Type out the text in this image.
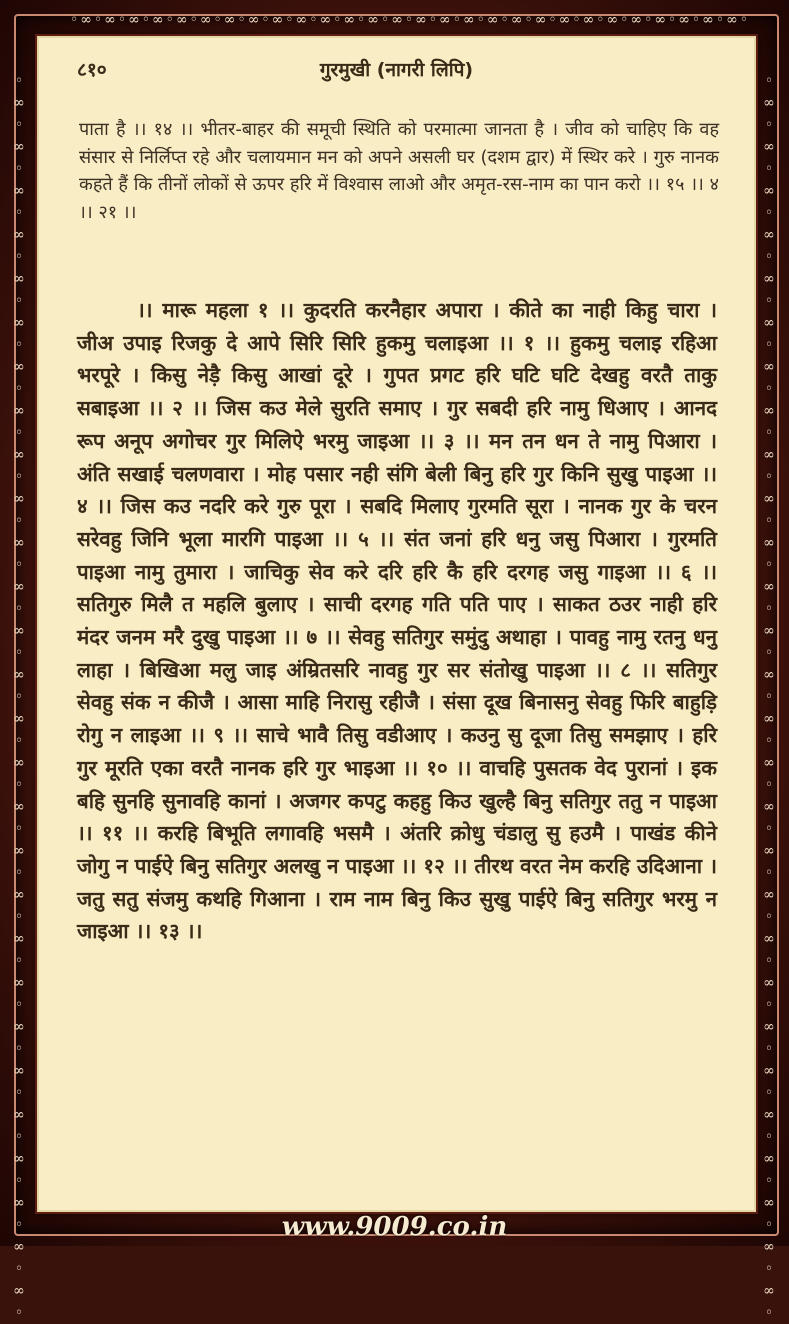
◦∞◦∞◦∞◦∞◦∞◦∞◦∞◦∞◦∞◦∞◦∞◦∞◦∞◦∞◦∞◦∞◦∞◦∞◦∞◦∞◦∞◦∞◦∞◦∞◦∞◦∞◦∞◦∞◦
◦∞◦∞◦∞◦∞◦∞◦∞◦∞◦∞◦∞◦∞◦∞◦∞◦∞◦∞◦∞◦∞◦∞◦∞◦∞◦∞◦∞◦∞◦∞◦∞◦∞◦∞◦∞◦∞◦
◦∞◦∞◦∞◦∞◦∞◦∞◦∞◦∞◦∞◦∞◦∞◦∞◦∞◦∞◦∞◦∞◦∞◦∞◦∞◦∞◦∞◦∞◦∞◦∞◦∞◦∞◦∞◦∞◦
८१०	गुरमुखी (नागरी लिपि)
पाता है ।। १४ ।। भीतर-बाहर की समूची स्थिति को परमात्मा जानता है । जीव को चाहिए कि वह संसार से निर्लिप्त रहे और चलायमान मन को अपने असली घर (दशम द्वार) में स्थिर करे । गुरु नानक कहते हैं कि तीनों लोकों से ऊपर हरि में विश्वास लाओ और अमृत-रस-नाम का पान करो ।। १५ ।। ४ ।। २१ ।।
।। मारू महला १ ।। कुदरति करनैहार अपारा । कीते का नाही किहु चारा । जीअ उपाइ रिजकु दे आपे सिरि सिरि हुकमु चलाइआ ।। १ ।। हुकमु चलाइ रहिआ भरपूरे । किसु नेड़ै किसु आखां दूरे । गुपत प्रगट हरि घटि घटि देखहु वरतै ताकु सबाइआ ।। २ ।। जिस कउ मेले सुरति समाए । गुर सबदी हरि नामु धिआए । आनद रूप अनूप अगोचर गुर मिलिऐ भरमु जाइआ ।। ३ ।। मन तन धन ते नामु पिआरा । अंति सखाई चलणवारा । मोह पसार नही संगि बेली बिनु हरि गुर किनि सुखु पाइआ ।। ४ ।। जिस कउ नदरि करे गुरु पूरा । सबदि मिलाए गुरमति सूरा । नानक गुर के चरन सरेवहु जिनि भूला मारगि पाइआ ।। ५ ।। संत जनां हरि धनु जसु पिआरा । गुरमति पाइआ नामु तुमारा । जाचिकु सेव करे दरि हरि कै हरि दरगह जसु गाइआ ।। ६ ।। सतिगुरु मिलै त महलि बुलाए । साची दरगह गति पति पाए । साकत ठउर नाही हरि मंदर जनम मरै दुखु पाइआ ।। ७ ।। सेवहु सतिगुर समुंदु अथाहा । पावहु नामु रतनु धनु लाहा । बिखिआ मलु जाइ अंम्रितसरि नावहु गुर सर संतोखु पाइआ ।। ८ ।। सतिगुर सेवहु संक न कीजै । आसा माहि निरासु रहीजै । संसा दूख बिनासनु सेवहु फिरि बाहुड़ि रोगु न लाइआ ।। ९ ।। साचे भावै तिसु वडीआए । कउनु सु दूजा तिसु समझाए । हरि गुर मूरति एका वरतै नानक हरि गुर भाइआ ।। १० ।। वाचहि पुसतक वेद पुरानां । इक बहि सुनहि सुनावहि कानां । अजगर कपटु कहहु किउ खुल्है बिनु सतिगुर ततु न पाइआ ।। ११ ।। करहि बिभूति लगावहि भसमै । अंतरि क्रोधु चंडालु सु हउमै । पाखंड कीने जोगु न पाईऐ बिनु सतिगुर अलखु न पाइआ ।। १२ ।। तीरथ वरत नेम करहि उदिआना । जतु सतु संजमु कथहि गिआना । राम नाम बिनु किउ सुखु पाईऐ बिनु सतिगुर भरमु न जाइआ ।। १३ ।।
www.9009.co.in
